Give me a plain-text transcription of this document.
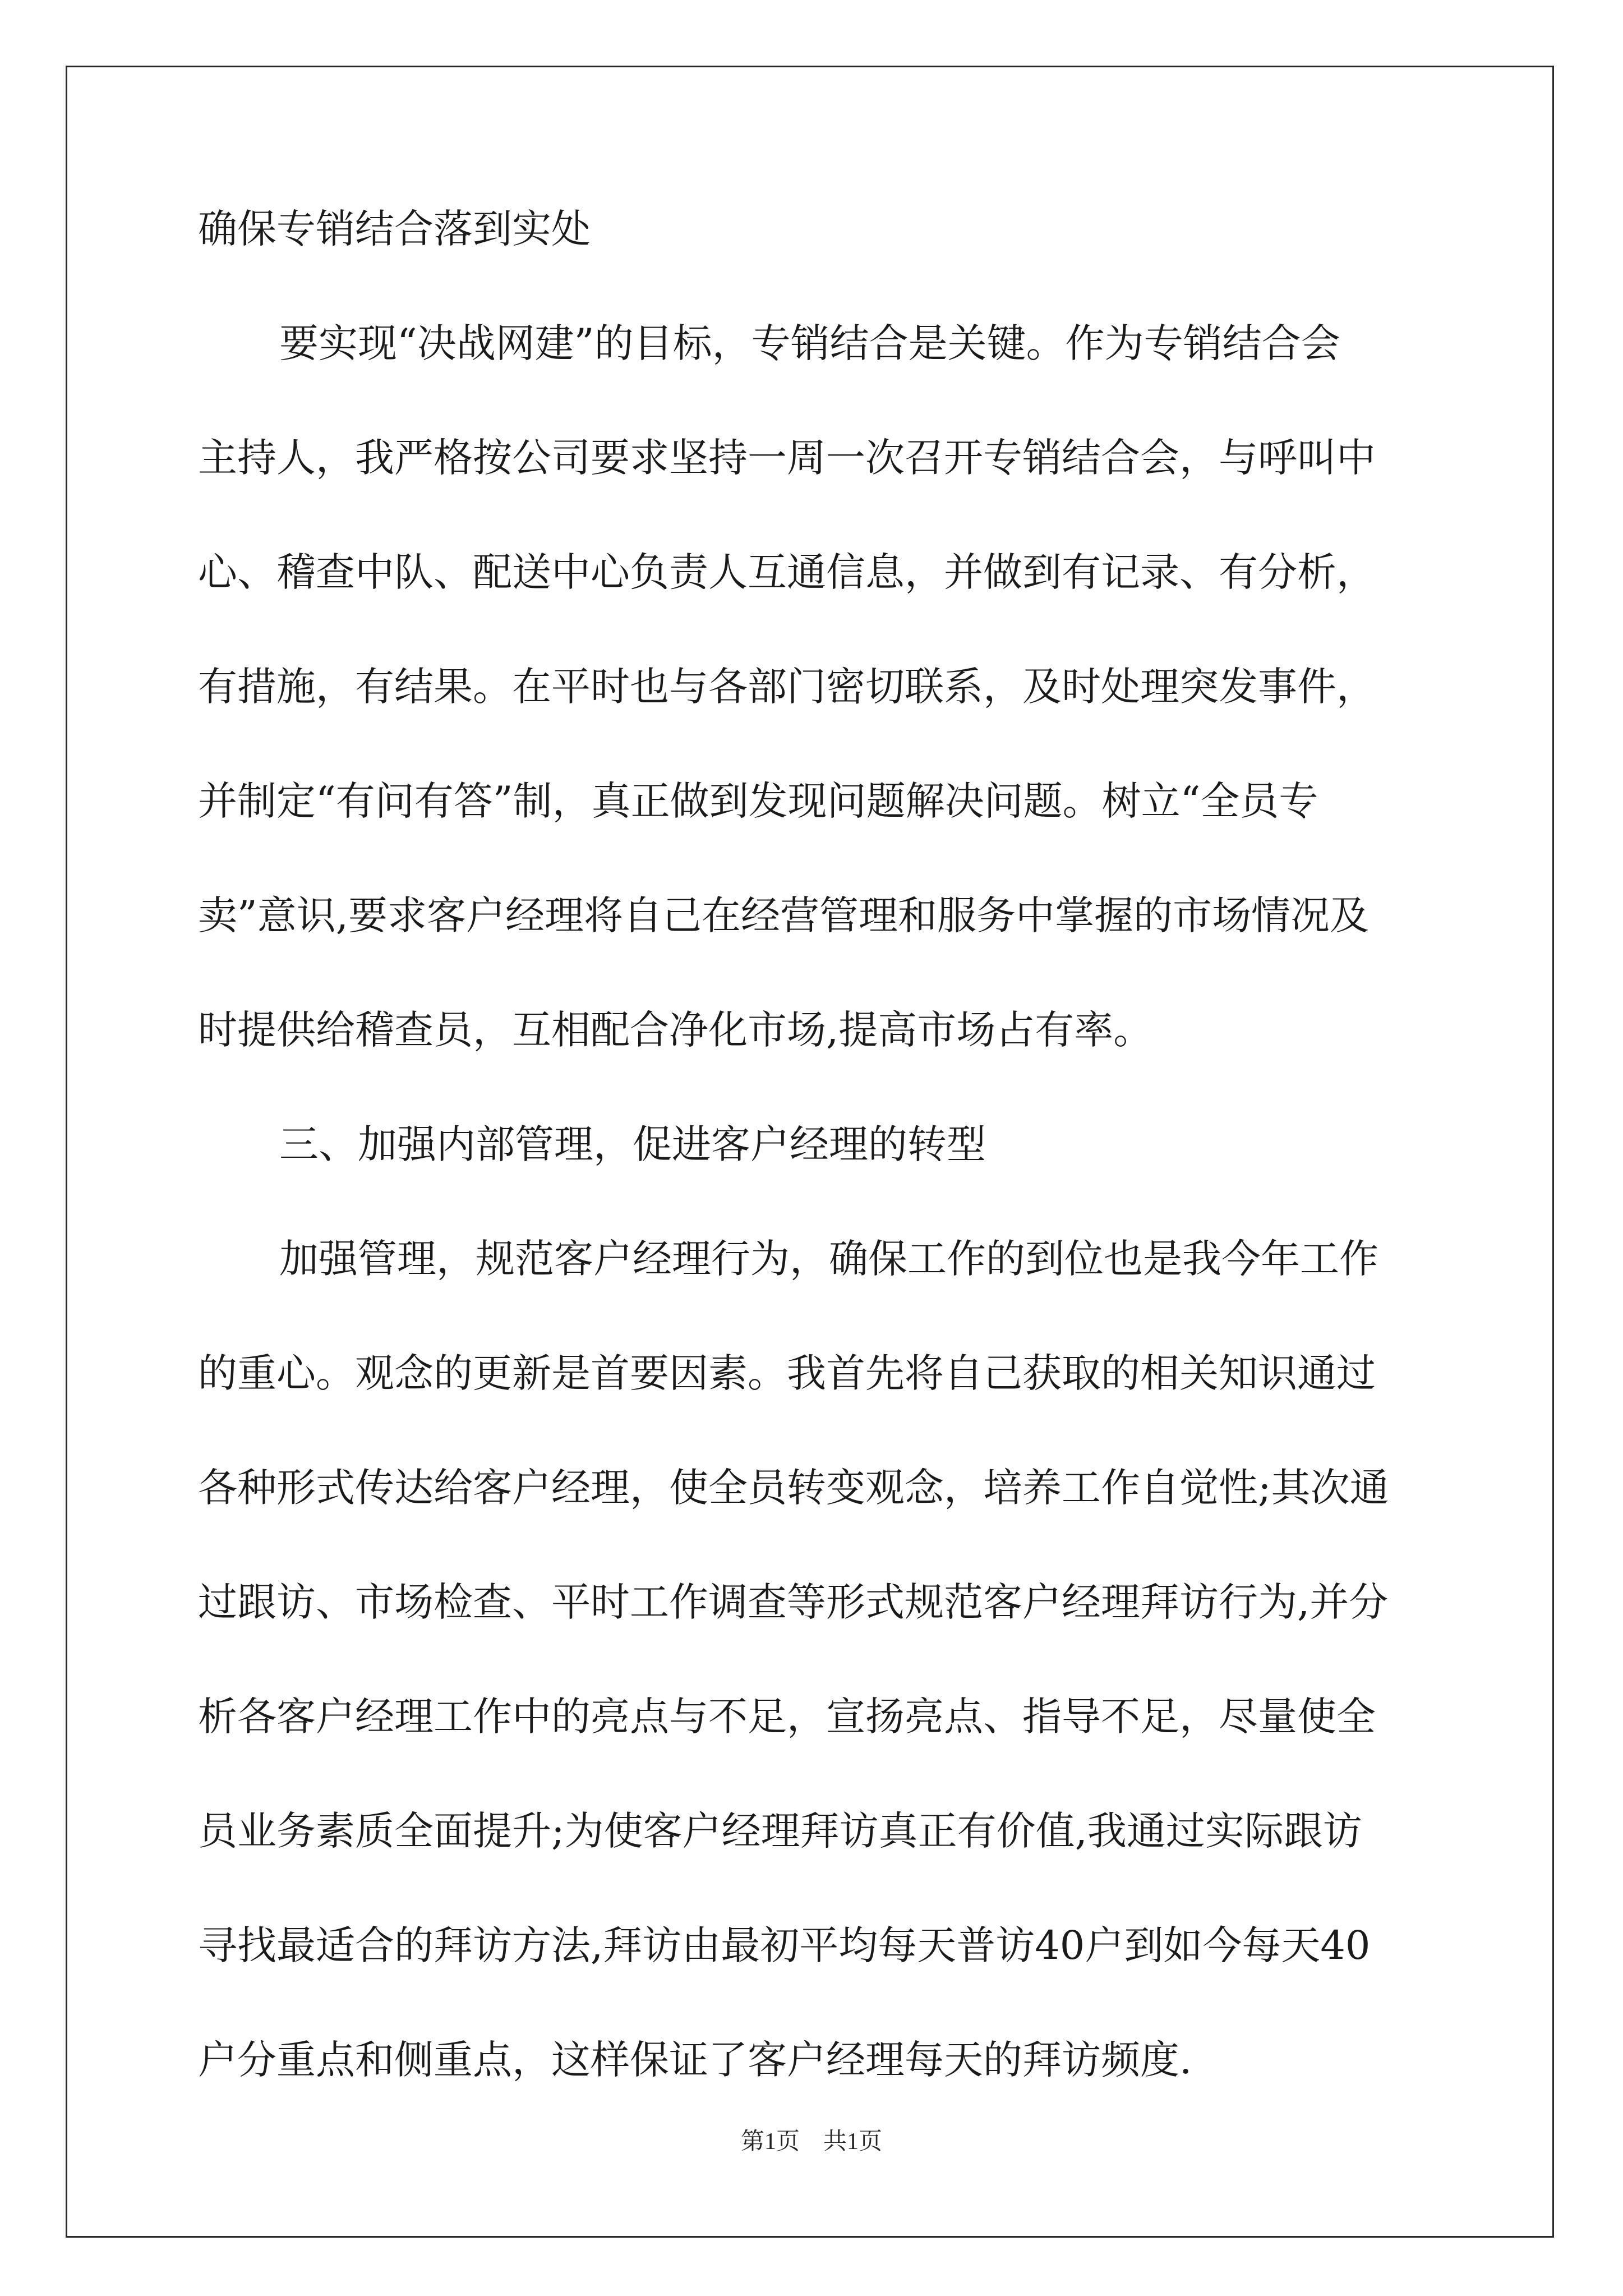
确保专销结合落到实处
要实现“决战网建”的目标，专销结合是关键。作为专销结合会
主持人，我严格按公司要求坚持一周一次召开专销结合会，与呼叫中
心、稽查中队、配送中心负责人互通信息，并做到有记录、有分析，
有措施，有结果。在平时也与各部门密切联系，及时处理突发事件，
并制定“有问有答”制，真正做到发现问题解决问题。树立“全员专
卖”意识,要求客户经理将自己在经营管理和服务中掌握的市场情况及
时提供给稽查员，互相配合净化市场,提高市场占有率。
三、加强内部管理，促进客户经理的转型
加强管理，规范客户经理行为，确保工作的到位也是我今年工作
的重心。观念的更新是首要因素。我首先将自己获取的相关知识通过
各种形式传达给客户经理，使全员转变观念，培养工作自觉性;其次通
过跟访、市场检查、平时工作调查等形式规范客户经理拜访行为,并分
析各客户经理工作中的亮点与不足，宣扬亮点、指导不足，尽量使全
员业务素质全面提升;为使客户经理拜访真正有价值,我通过实际跟访
寻找最适合的拜访方法,拜访由最初平均每天普访40户到如今每天40
户分重点和侧重点，这样保证了客户经理每天的拜访频度.
第1页 共1页
